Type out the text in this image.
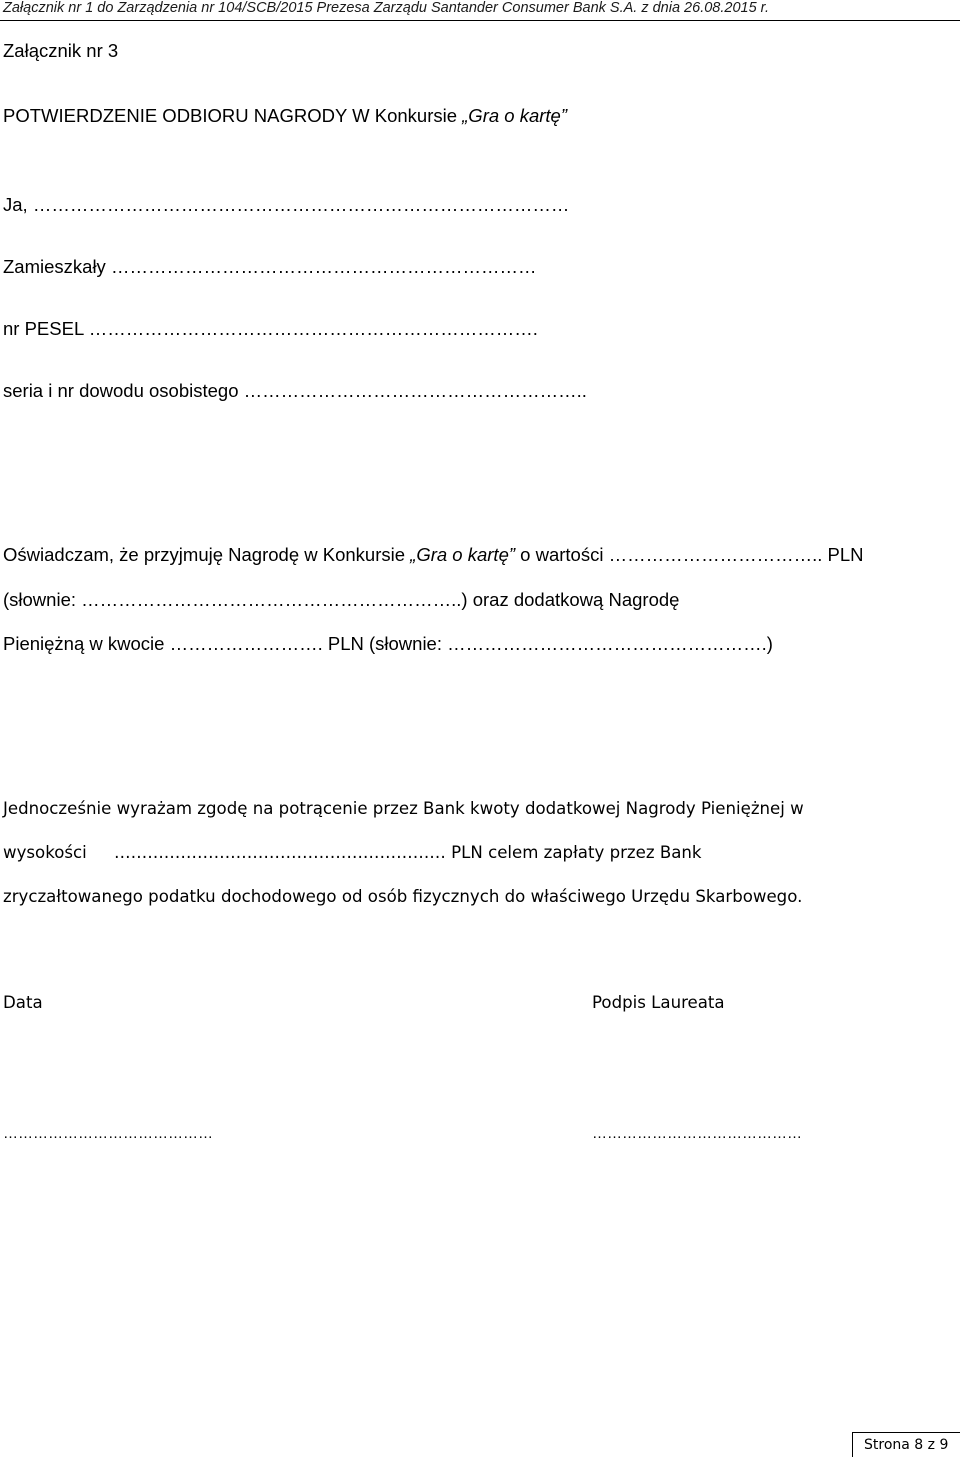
Załącznik nr 1 do Zarządzenia nr 104/SCB/2015 Prezesa Zarządu Santander Consumer Bank S.A. z dnia 26.08.2015 r.
Załącznik nr 3
POTWIERDZENIE ODBIORU NAGRODY W Konkursie „Gra o kartę”
Ja, ……………………………………………………………………………
Zamieszkały ……………………………………………………………
nr PESEL ……………………………………………………………….
seria i nr dowodu osobistego ………………………………………………..
Oświadczam, że przyjmuję Nagrodę w Konkursie „Gra o kartę” o wartości …………………………….. PLN
(słownie: ……………………………………………………..) oraz dodatkową Nagrodę
Pieniężną w kwocie ……………………. PLN (słownie: …………………………………………….)
Jednocześnie wyrażam zgodę na potrącenie przez Bank kwoty dodatkowej Nagrody Pieniężnej w
wysokości …………………………………………………… PLN celem zapłaty przez Bank
zryczałtowanego podatku dochodowego od osób fizycznych do właściwego Urzędu Skarbowego.
Data	Podpis Laureata
……………………………………	……………………………………
Strona 8 z 9
